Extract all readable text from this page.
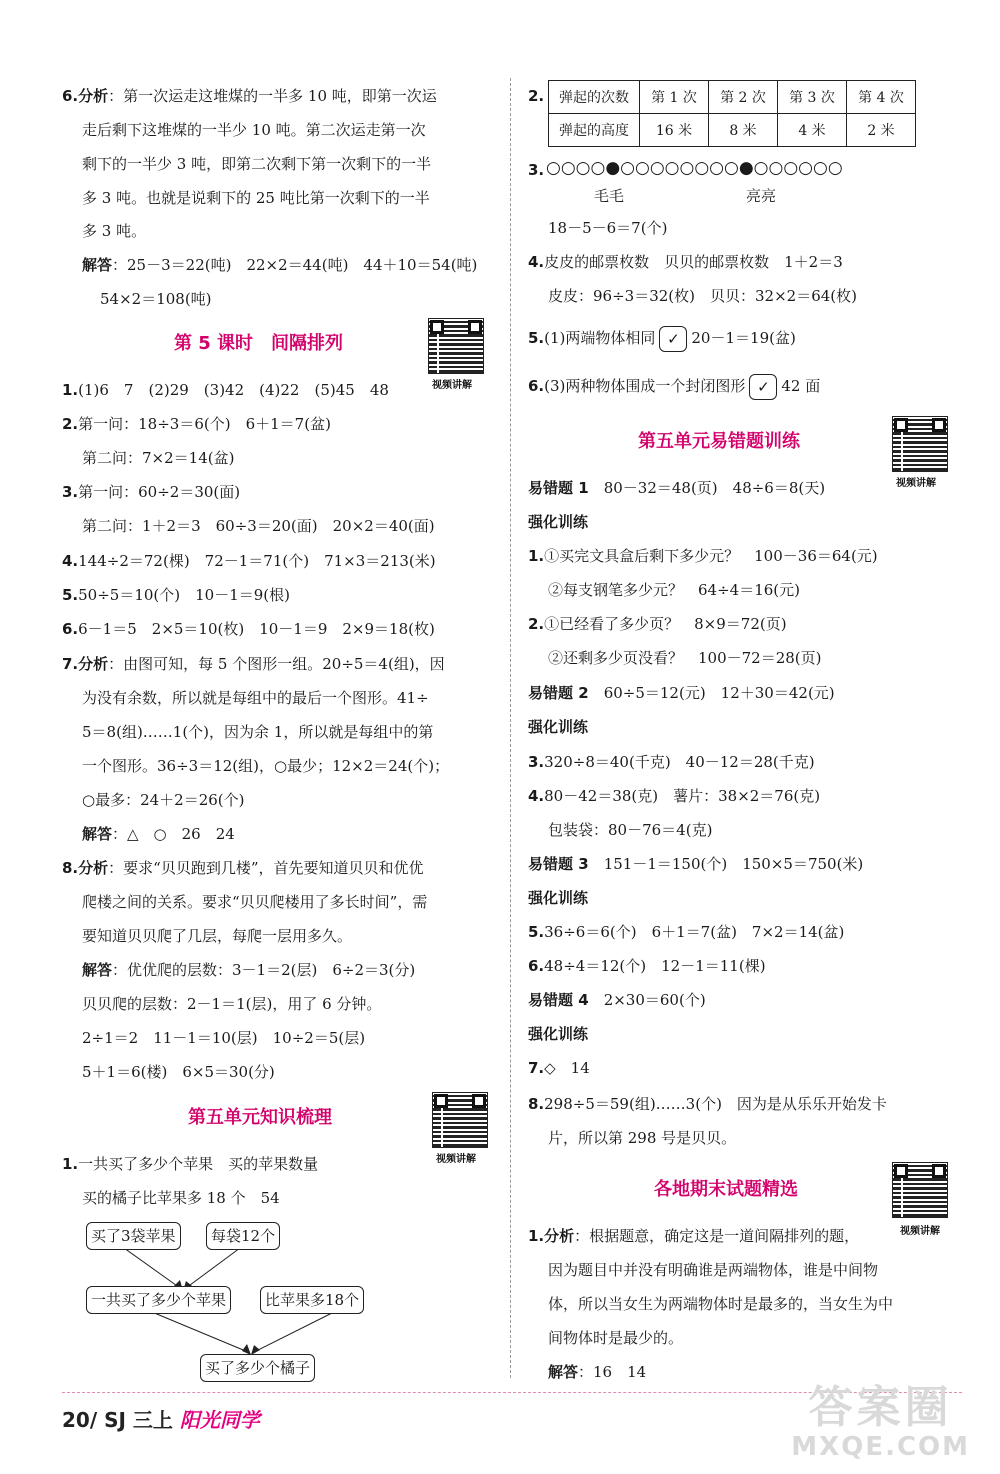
6.分析：第一次运走这堆煤的一半多 10 吨，即第一次运
走后剩下这堆煤的一半少 10 吨。第二次运走第一次
剩下的一半少 3 吨，即第二次剩下第一次剩下的一半
多 3 吨。也就是说剩下的 25 吨比第一次剩下的一半
多 3 吨。
解答：25－3＝22(吨)　22×2＝44(吨)　44＋10＝54(吨)
54×2＝108(吨)
第 5 课时　间隔排列
视频讲解
1.(1)6　7　(2)29　(3)42　(4)22　(5)45　48
2.第一问：18÷3＝6(个)　6＋1＝7(盆)
第二问：7×2＝14(盆)
3.第一问：60÷2＝30(面)
第二问：1＋2＝3　60÷3＝20(面)　20×2＝40(面)
4.144÷2＝72(棵)　72－1＝71(个)　71×3＝213(米)
5.50÷5＝10(个)　10－1＝9(根)
6.6－1＝5　2×5＝10(枚)　10－1＝9　2×9＝18(枚)
7.分析：由图可知，每 5 个图形一组。20÷5＝4(组)，因
为没有余数，所以就是每组中的最后一个图形。41÷
5＝8(组)……1(个)，因为余 1，所以就是每组中的第
一个图形。36÷3＝12(组)，○最少；12×2＝24(个)；
○最多：24＋2＝26(个)
解答：△　○　26　24
8.分析：要求“贝贝跑到几楼”，首先要知道贝贝和优优
爬楼之间的关系。要求“贝贝爬楼用了多长时间”，需
要知道贝贝爬了几层，每爬一层用多久。
解答：优优爬的层数：3－1＝2(层)　6÷2＝3(分)
贝贝爬的层数：2－1＝1(层)，用了 6 分钟。
2÷1＝2　11－1＝10(层)　10÷2＝5(层)
5＋1＝6(楼)　6×5＝30(分)
第五单元知识梳理
视频讲解
1.一共买了多少个苹果　买的苹果数量
买的橘子比苹果多 18 个　54
买了3袋苹果	每袋12个
一共买了多少个苹果	比苹果多18个
买了多少个橘子
2. 弹起的次数	第 1 次	第 2 次	第 3 次	第 4 次
弹起的高度	16 米	8 米	4 米	2 米
3. ○○○○●○○○○○○○○●○○○○○○
毛毛	亮亮
18－5－6＝7(个)
4.皮皮的邮票枚数　贝贝的邮票枚数　1＋2＝3
皮皮：96÷3＝32(枚)　贝贝：32×2＝64(枚)
5.(1)两端物体相同 ✓ 20－1＝19(盆)
6.(3)两种物体围成一个封闭图形 ✓ 42 面
第五单元易错题训练
视频讲解
易错题 1　 80－32＝48(页)　48÷6＝8(天)
强化训练
1.①买完文具盒后剩下多少元？　100－36＝64(元)
②每支钢笔多少元？　64÷4＝16(元)
2.①已经看了多少页？　8×9＝72(页)
②还剩多少页没看？　100－72＝28(页)
易错题 2　 60÷5＝12(元)　12＋30＝42(元)
强化训练
3.320÷8＝40(千克)　40－12＝28(千克)
4.80－42＝38(克)　薯片：38×2＝76(克)
包装袋：80－76＝4(克)
易错题 3　 151－1＝150(个)　150×5＝750(米)
强化训练
5.36÷6＝6(个)　6＋1＝7(盆)　7×2＝14(盆)
6.48÷4＝12(个)　12－1＝11(棵)
易错题 4　 2×30＝60(个)
强化训练
7.◇　14
8.298÷5＝59(组)……3(个)　因为是从乐乐开始发卡
片，所以第 298 号是贝贝。
各地期末试题精选
视频讲解
1.分析：根据题意，确定这是一道间隔排列的题，
因为题目中并没有明确谁是两端物体，谁是中间物
体，所以当女生为两端物体时是最多的，当女生为中
间物体时是最少的。
解答：16　14
20/ SJ 三上 阳光同学	答案圈
MXQE.COM
